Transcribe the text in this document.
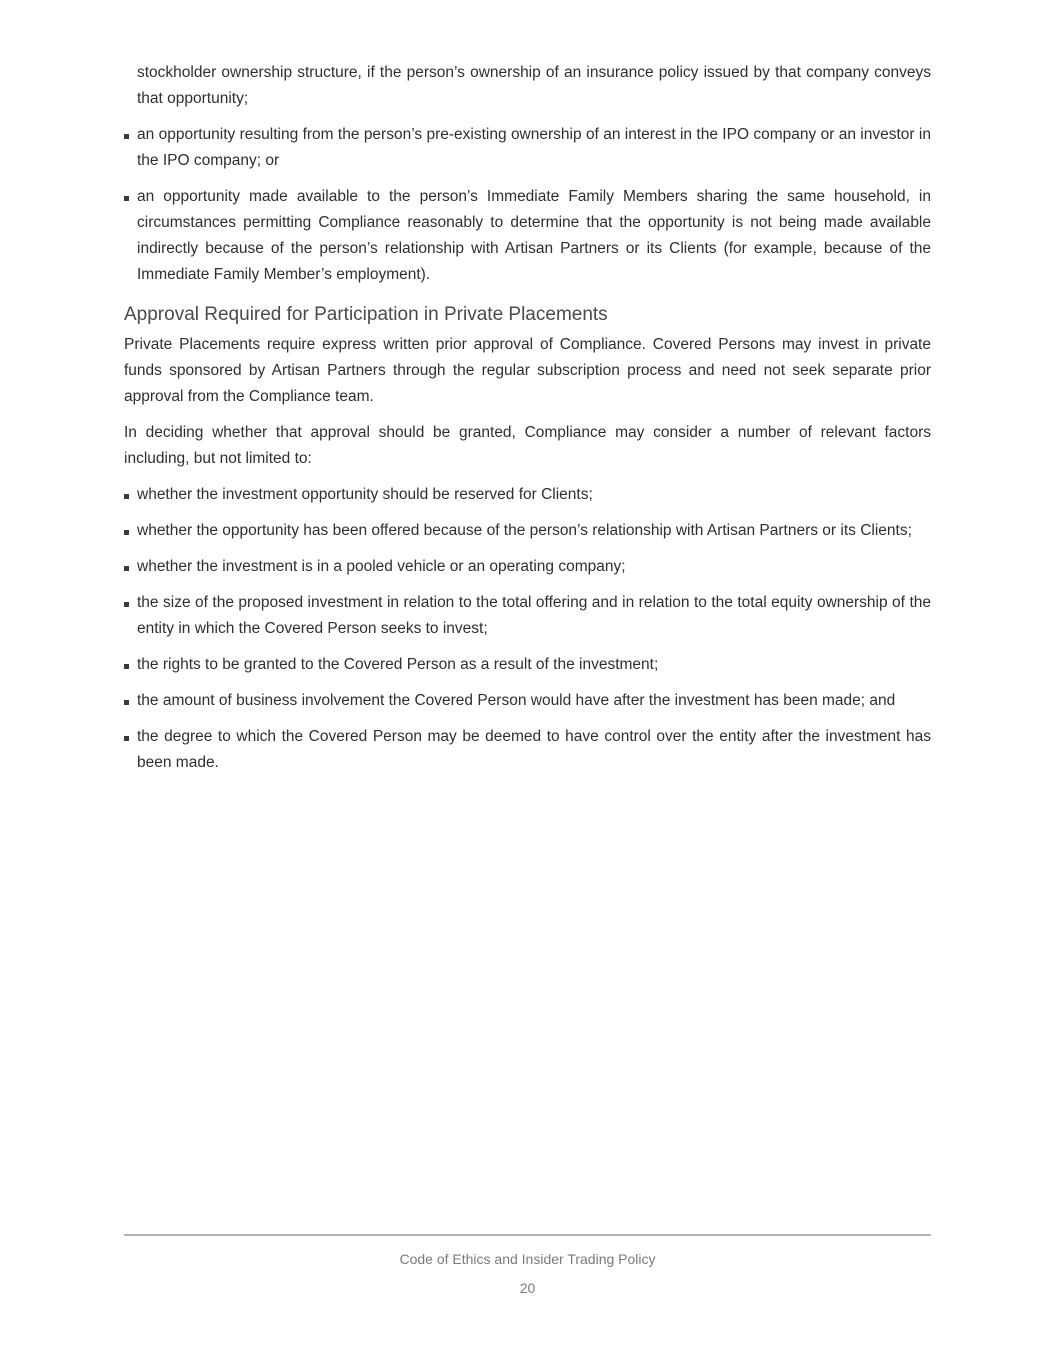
stockholder ownership structure, if the person’s ownership of an insurance policy issued by that company conveys that opportunity;

an opportunity resulting from the person’s pre-existing ownership of an interest in the IPO company or an investor in the IPO company; or
an opportunity made available to the person’s Immediate Family Members sharing the same household, in circumstances permitting Compliance reasonably to determine that the opportunity is not being made available indirectly because of the person’s relationship with Artisan Partners or its Clients (for example, because of the Immediate Family Member’s employment).
Approval Required for Participation in Private Placements

Private Placements require express written prior approval of Compliance. Covered Persons may invest in private funds sponsored by Artisan Partners through the regular subscription process and need not seek separate prior approval from the Compliance team.

In deciding whether that approval should be granted, Compliance may consider a number of relevant factors including, but not limited to:

whether the investment opportunity should be reserved for Clients;
whether the opportunity has been offered because of the person’s relationship with Artisan Partners or its Clients;
whether the investment is in a pooled vehicle or an operating company;
the size of the proposed investment in relation to the total offering and in relation to the total equity ownership of the entity in which the Covered Person seeks to invest;
the rights to be granted to the Covered Person as a result of the investment;
the amount of business involvement the Covered Person would have after the investment has been made; and
the degree to which the Covered Person may be deemed to have control over the entity after the investment has been made.
Code of Ethics and Insider Trading Policy
20
